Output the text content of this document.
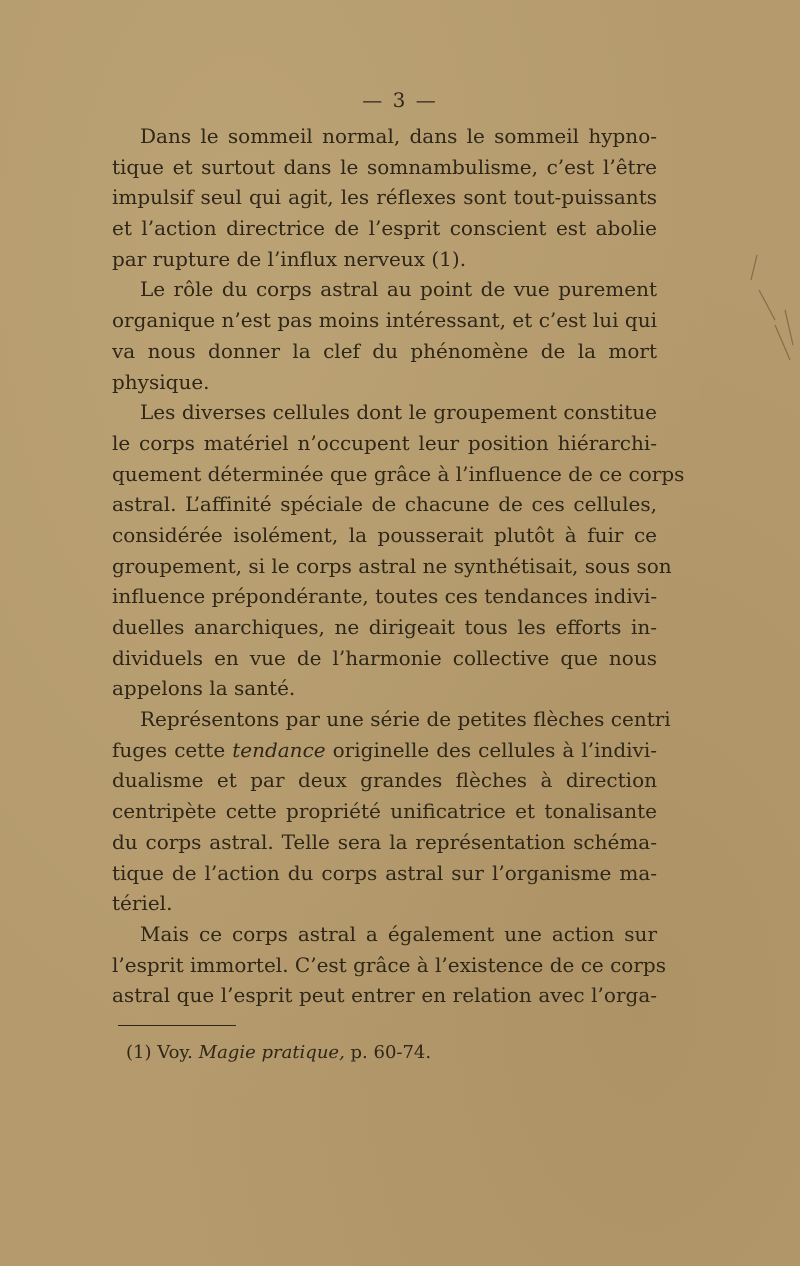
— 3 —
Dans le sommeil normal, dans le sommeil hypno-
tique et surtout dans le somnambulisme, c’est l’être
impulsif seul qui agit, les réflexes sont tout-puissants
et l’action directrice de l’esprit conscient est abolie
par rupture de l’influx nerveux (1).
Le rôle du corps astral au point de vue purement
organique n’est pas moins intéressant, et c’est lui qui
va nous donner la clef du phénomène de la mort
physique.
Les diverses cellules dont le groupement constitue
le corps matériel n’occupent leur position hiérarchi-
quement déterminée que grâce à l’influence de ce corps
astral. L’affinité spéciale de chacune de ces cellules,
considérée isolément, la pousserait plutôt à fuir ce
groupement, si le corps astral ne synthétisait, sous son
influence prépondérante, toutes ces tendances indivi-
duelles anarchiques, ne dirigeait tous les efforts in-
dividuels en vue de l’harmonie collective que nous
appelons la santé.
Représentons par une série de petites flèches centri
fuges cette tendance originelle des cellules à l’indivi-
dualisme et par deux grandes flèches à direction
centripète cette propriété unificatrice et tonalisante
du corps astral. Telle sera la représentation schéma-
tique de l’action du corps astral sur l’organisme ma-
tériel.
Mais ce corps astral a également une action sur
l’esprit immortel. C’est grâce à l’existence de ce corps
astral que l’esprit peut entrer en relation avec l’orga-
(1) Voy. Magie pratique, p. 60-74.
